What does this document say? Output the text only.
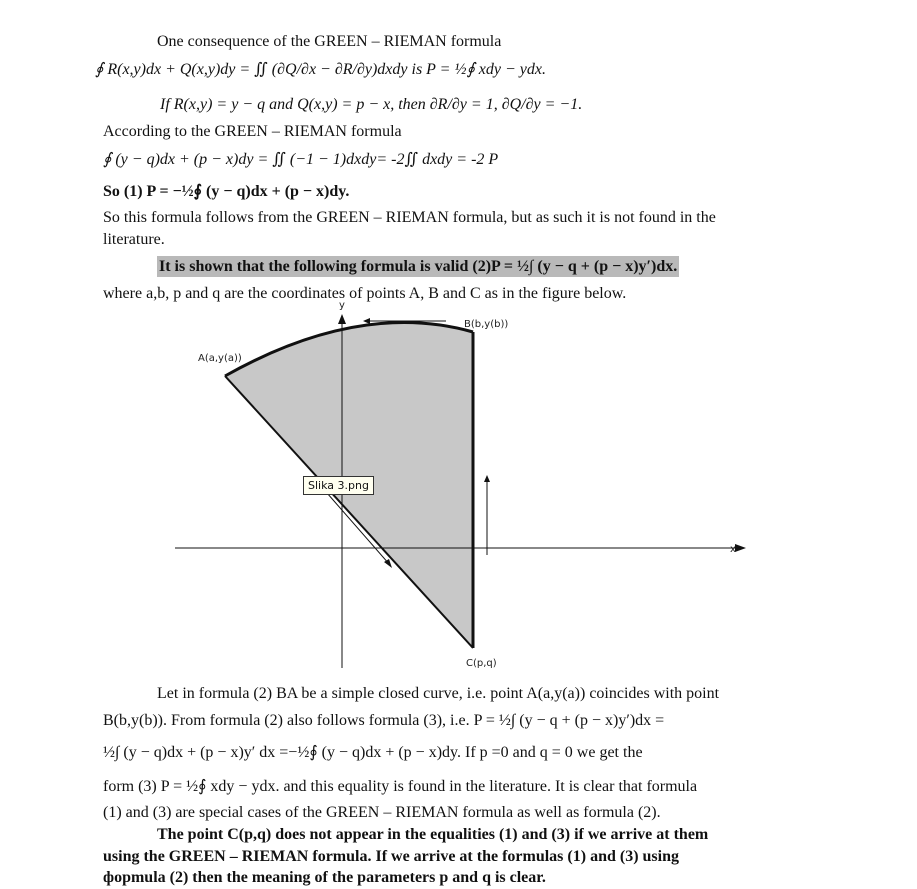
One consequence of the GREEN – RIEMAN formula
∮ R(x,y)dx + Q(x,y)dy = ∬ (∂Q/∂x − ∂R/∂y)dxdy is P = ½∮ xdy − ydx.
If R(x,y) = y − q and Q(x,y) = p − x, then ∂R/∂y = 1, ∂Q/∂y = −1.
According to the GREEN – RIEMAN formula
∮ (y − q)dx + (p − x)dy = ∬ (−1 − 1)dxdy= -2∬ dxdy = -2 P
So (1) P = −½∮ (y − q)dx + (p − x)dy.
So this formula follows from the GREEN – RIEMAN formula, but as such it is not found in the
literature.
It is shown that the following formula is valid (2)P = ½∫ (y − q + (p − x)y′)dx.
where a,b, p and q are the coordinates of points A, B and C as in the figure below.
A(a,y(a))
B(b,y(b))
C(p,q)
x
y
Slika 3.png
Let in formula (2) BA be a simple closed curve, i.e. point A(a,y(a)) coincides with point
B(b,y(b)). From formula (2) also follows formula (3), i.e. P = ½∫ (y − q + (p − x)y′)dx =
½∫ (y − q)dx + (p − x)y′ dx =−½∮ (y − q)dx + (p − x)dy. If p =0 and q = 0 we get the
form (3) P = ½∮ xdy − ydx. and this equality is found in the literature. It is clear that formula
(1) and (3) are special cases of the GREEN – RIEMAN formula as well as formula (2).
The point C(p,q) does not appear in the equalities (1) and (3) if we arrive at them
using the GREEN – RIEMAN formula. If we arrive at the formulas (1) and (3) using
форmula (2) then the meaning of the parameters p and q is clear.
